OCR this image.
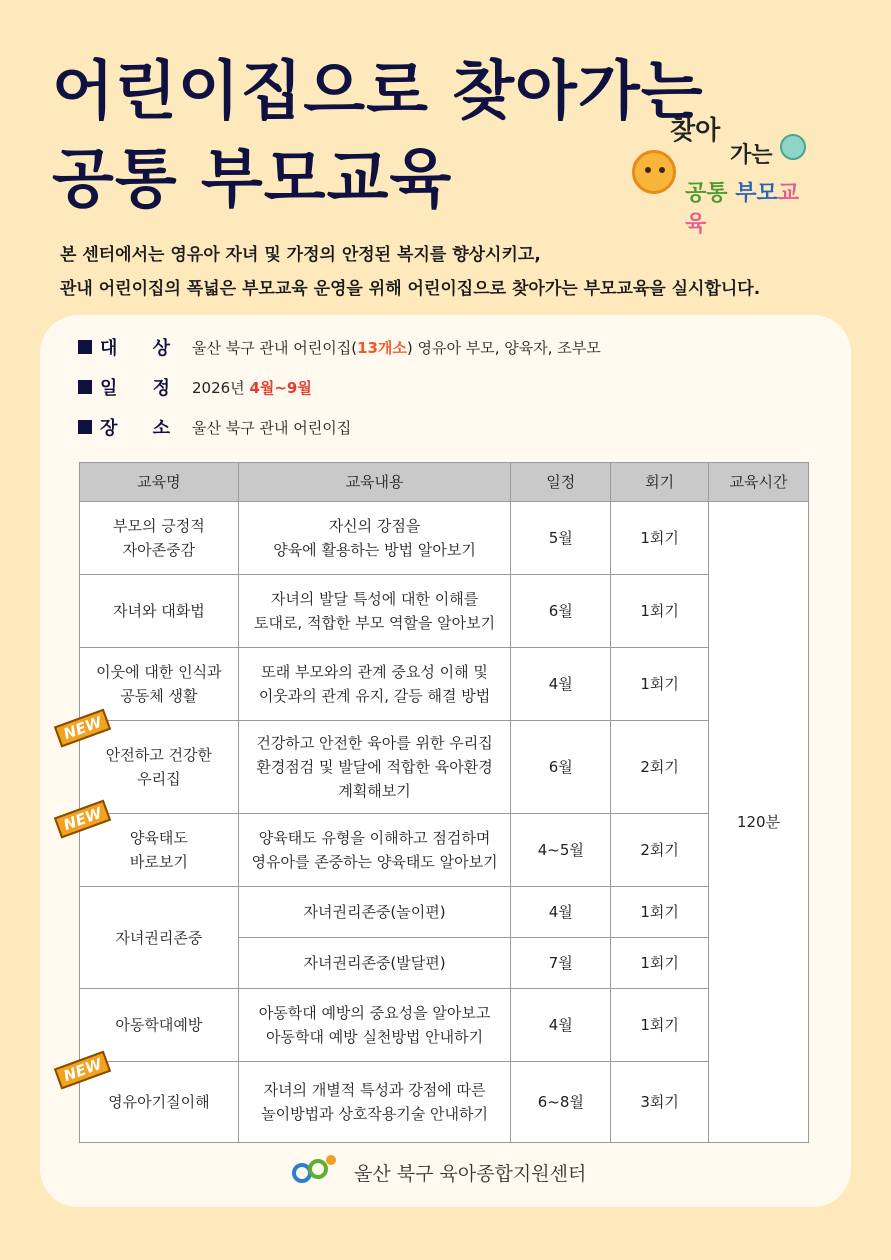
어린이집으로 찾아가는
공통 부모교육
찾아
가는
공통 부모교육
본 센터에서는 영유아 자녀 및 가정의 안정된 복지를 향상시키고,
관내 어린이집의 폭넓은 부모교육 운영을 위해 어린이집으로 찾아가는 부모교육을 실시합니다.
대 상 울산 북구 관내 어린이집(13개소) 영유아 부모, 양육자, 조부모
일 정 2026년 4월~9월
장 소 울산 북구 관내 어린이집
교육명	교육내용	일정	회기	교육시간
부모의 긍정적
자아존중감	자신의 강점을
양육에 활용하는 방법 알아보기	5월	1회기	120분
자녀와 대화법	자녀의 발달 특성에 대한 이해를
토대로, 적합한 부모 역할을 알아보기	6월	1회기	
이웃에 대한 인식과
공동체 생활	또래 부모와의 관계 중요성 이해 및
이웃과의 관계 유지, 갈등 해결 방법	4월	1회기	
안전하고 건강한
우리집	건강하고 안전한 육아를 위한 우리집
환경점검 및 발달에 적합한 육아환경
계획해보기	6월	2회기	
양육태도
바로보기	양육태도 유형을 이해하고 점검하며
영유아를 존중하는 양육태도 알아보기	4~5월	2회기	
자녀권리존중	자녀권리존중(놀이편)	4월	1회기	
	자녀권리존중(발달편)	7월	1회기	
아동학대예방	아동학대 예방의 중요성을 알아보고
아동학대 예방 실천방법 안내하기	4월	1회기	
영유아기질이해	자녀의 개별적 특성과 강점에 따른
놀이방법과 상호작용기술 안내하기	6~8월	3회기	
NEW
NEW
NEW
울산 북구 육아종합지원센터
